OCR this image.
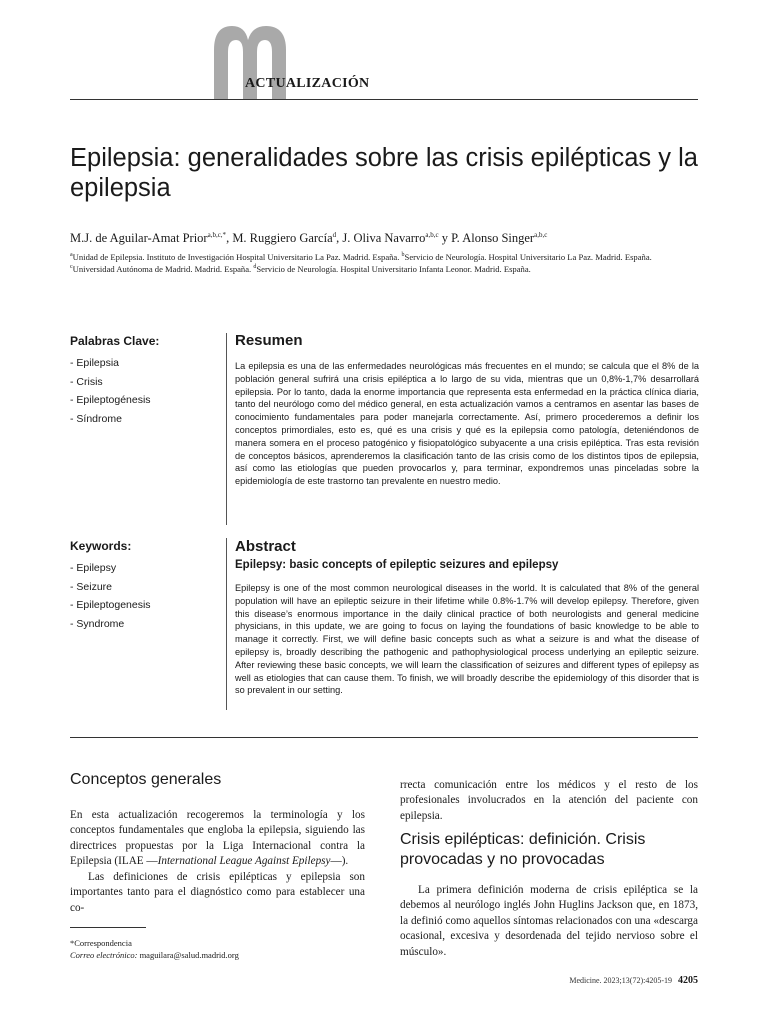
ACTUALIZACIÓN
Epilepsia: generalidades sobre las crisis epilépticas y la epilepsia
M.J. de Aguilar-Amat Prior$^{a,b,c,*}$, M. Ruggiero García$^d$, J. Oliva Navarro$^{a,b,c}$ y P. Alonso Singer$^{a,b,c}$
$^a$Unidad de Epilepsia. Instituto de Investigación Hospital Universitario La Paz. Madrid. España. $^b$Servicio de Neurología. Hospital Universitario La Paz. Madrid. España.
$^c$Universidad Autónoma de Madrid. Madrid. España. $^d$Servicio de Neurología. Hospital Universitario Infanta Leonor. Madrid. España.
Palabras Clave:
- Epilepsia
- Crisis
- Epileptogénesis
- Síndrome
Resumen

La epilepsia es una de las enfermedades neurológicas más frecuentes en el mundo; se calcula que el 8% de la población general sufrirá una crisis epiléptica a lo largo de su vida, mientras que un 0,8%-1,7% desarrollará epilepsia. Por lo tanto, dada la enorme importancia que representa esta enfermedad en la práctica clínica diaria, tanto del neurólogo como del médico general, en esta actualización vamos a centramos en asentar las bases de conocimiento fundamentales para poder manejarla correctamente. Así, primero procederemos a definir los conceptos primordiales, esto es, qué es una crisis y qué es la epilepsia como patología, deteniéndonos de manera somera en el proceso patogénico y fisiopatológico subyacente a una crisis epiléptica. Tras esta revisión de conceptos básicos, aprenderemos la clasificación tanto de las crisis como de los distintos tipos de epilepsia, así como las etiologías que pueden provocarlos y, para terminar, expondremos unas pinceladas sobre la epidemiología de este trastorno tan prevalente en nuestro medio.

Keywords:
- Epilepsy
- Seizure
- Epileptogenesis
- Syndrome
Abstract
Epilepsy: basic concepts of epileptic seizures and epilepsy

Epilepsy is one of the most common neurological diseases in the world. It is calculated that 8% of the general population will have an epileptic seizure in their lifetime while 0.8%-1.7% will develop epilepsy. Therefore, given this disease’s enormous importance in the daily clinical practice of both neurologists and general medicine physicians, in this update, we are going to focus on laying the foundations of basic knowledge to be able to manage it correctly. First, we will define basic concepts such as what a seizure is and what the disease of epilepsy is, broadly describing the pathogenic and pathophysiological process underlying an epileptic seizure. After reviewing these basic concepts, we will learn the classification of seizures and different types of epilepsy as well as etiologies that can cause them. To finish, we will broadly describe the epidemiology of this disorder that is so prevalent in our setting.

Conceptos generales

En esta actualización recogeremos la terminología y los conceptos fundamentales que engloba la epilepsia, siguiendo las directrices propuestas por la Liga Internacional contra la Epilepsia (ILAE —International League Against Epilepsy—).

Las definiciones de crisis epilépticas y epilepsia son importantes tanto para el diagnóstico como para establecer una co-

rrecta comunicación entre los médicos y el resto de los profesionales involucrados en la atención del paciente con epilepsia.

Crisis epilépticas: definición. Crisis provocadas y no provocadas

La primera definición moderna de crisis epiléptica se la debemos al neurólogo inglés John Huglins Jackson que, en 1873, la definió como aquellos síntomas relacionados con una «descarga ocasional, excesiva y desordenada del tejido nervioso sobre el músculo».

*Correspondencia
Correo electrónico: maguilara@salud.madrid.org
Medicine. 2023;13(72):4205-19 4205
